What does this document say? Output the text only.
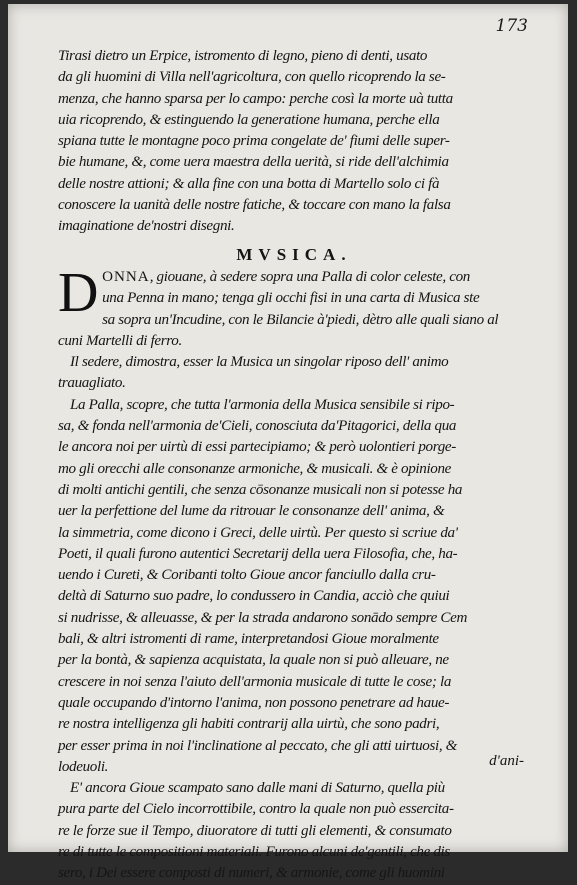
173
Tirasi dietro un Erpice, istromento di legno, pieno di denti, usato
da gli huomini di Villa nell'agricoltura, con quello ricoprendo la se-
menza, che hanno sparsa per lo campo: perche così la morte uà tutta
uia ricoprendo, & estinguendo la generatione humana, perche ella
spiana tutte le montagne poco prima congelate de' fiumi delle super-
bie humane, &, come uera maestra della uerità, si ride dell'alchimia
delle nostre attioni; & alla fine con una botta di Martello solo ci fà
conoscere la uanità delle nostre fatiche, & toccare con mano la falsa
imaginatione de'nostri disegni.
MVSICA.
D ONNA, giouane, à sedere sopra una Palla di color celeste, con
una Penna in mano; tenga gli occhi fisi in una carta di Musica ste
sa sopra un'Incudine, con le Bilancie à'piedi, dètro alle quali siano al
cuni Martelli di ferro.
Il sedere, dimostra, esser la Musica un singolar riposo dell' animo
trauagliato.
La Palla, scopre, che tutta l'armonia della Musica sensibile si ripo-
sa, & fonda nell'armonia de'Cieli, conosciuta da'Pitagorici, della qua
le ancora noi per uirtù di essi partecipiamo; & però uolontieri porge-
mo gli orecchi alle consonanze armoniche, & musicali. & è opinione
di molti antichi gentili, che senza cōsonanze musicali non si potesse ha
uer la perfettione del lume da ritrouar le consonanze dell' anima, &
la simmetria, come dicono i Greci, delle uirtù. Per questo si scriue da'
Poeti, il quali furono autentici Secretarij della uera Filosofia, che, ha-
uendo i Cureti, & Coribanti tolto Gioue ancor fanciullo dalla cru-
deltà di Saturno suo padre, lo condussero in Candia, acciò che quiui
si nudrisse, & alleuasse, & per la strada andarono sonādo sempre Cem
bali, & altri istromenti di rame, interpretandosi Gioue moralmente
per la bontà, & sapienza acquistata, la quale non si può alleuare, ne
crescere in noi senza l'aiuto dell'armonia musicale di tutte le cose; la
quale occupando d'intorno l'anima, non possono penetrare ad haue-
re nostra intelligenza gli habiti contrarij alla uirtù, che sono padri,
per esser prima in noi l'inclinatione al peccato, che gli atti uirtuosi, &
lodeuoli.
E' ancora Gioue scampato sano dalle mani di Saturno, quella più
pura parte del Cielo incorrottibile, contro la quale non può essercita-
re le forze sue il Tempo, diuoratore di tutti gli elementi, & consumato
re di tutte le compositioni materiali. Furono alcuni de'gentili, che dis
sero, i Dei essere composti di numeri, & armonie, come gli huomini
d'ani-
